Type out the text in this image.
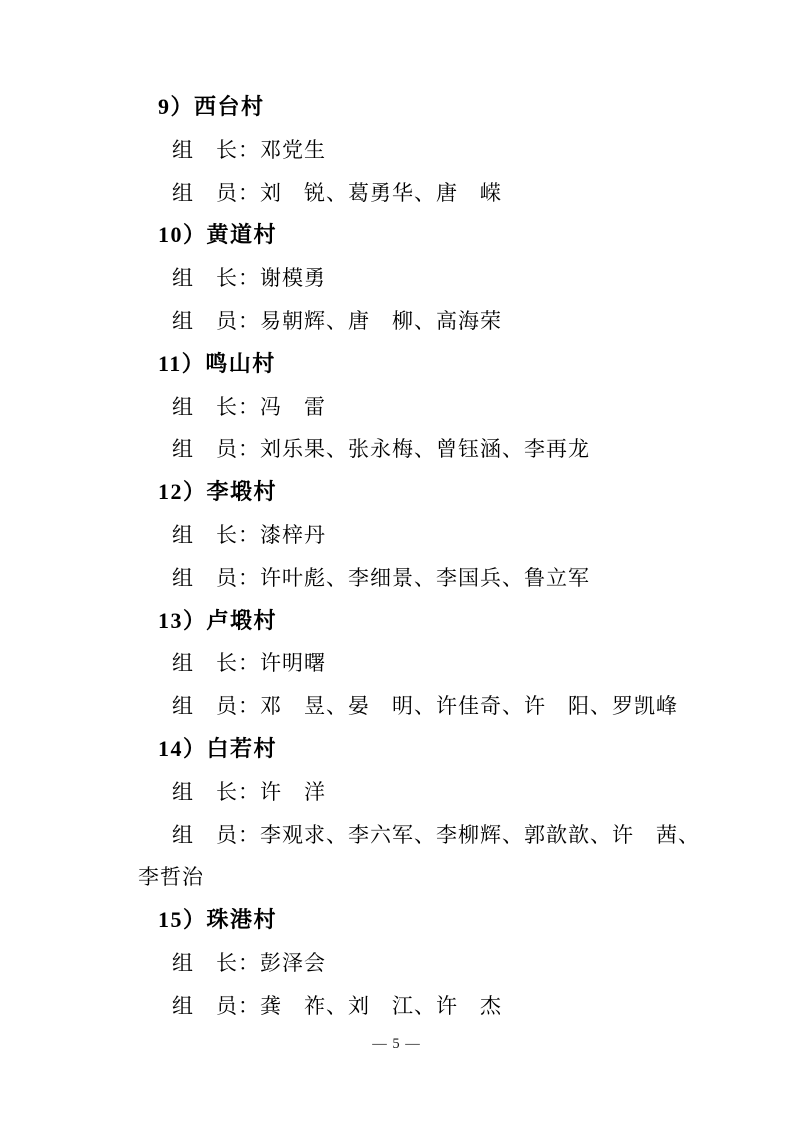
9）西台村

组　长：邓党生

组　员：刘　锐、葛勇华、唐　嵘

10）黄道村

组　长：谢模勇

组　员：易朝辉、唐　柳、高海荣

11）鸣山村

组　长：冯　雷

组　员：刘乐果、张永梅、曾钰涵、李再龙

12）李塅村

组　长：漆梓丹

组　员：许叶彪、李细景、李国兵、鲁立军

13）卢塅村

组　长：许明曙

组　员：邓　昱、晏　明、许佳奇、许　阳、罗凯峰

14）白若村

组　长：许　洋

组　员：李观求、李六军、李柳辉、郭歆歆、许　茜、李哲治

15）珠港村

组　长：彭泽会

组　员：龚　祚、刘　江、许　杰

— 5 —
